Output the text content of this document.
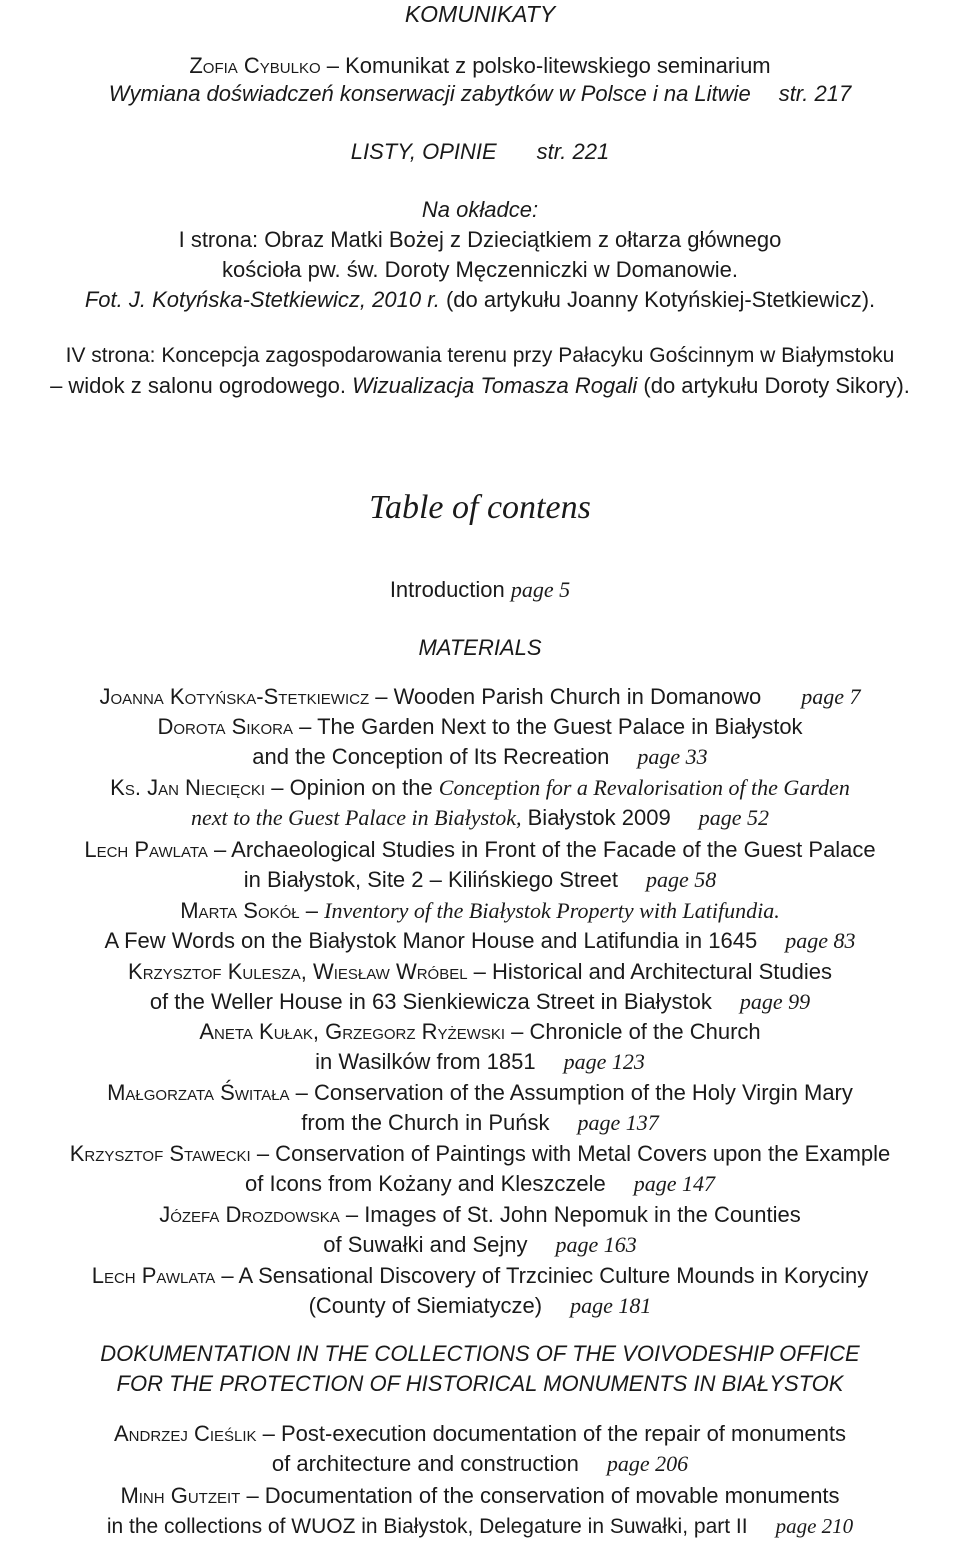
KOMUNIKATY
Zofia Cybulko – Komunikat z polsko-litewskiego seminarium
Wymiana doświadczeń konserwacji zabytków w Polsce i na Litwie str. 217
LISTY, OPINIE str. 221
Na okładce:
I strona: Obraz Matki Bożej z Dzieciątkiem z ołtarza głównego
kościoła pw. św. Doroty Męczenniczki w Domanowie.
Fot. J. Kotyńska-Stetkiewicz, 2010 r. (do artykułu Joanny Kotyńskiej-Stetkiewicz).
IV strona: Koncepcja zagospodarowania terenu przy Pałacyku Gościnnym w Białymstoku
– widok z salonu ogrodowego. Wizualizacja Tomasza Rogali (do artykułu Doroty Sikory).
Table of contens
Introduction page 5
MATERIALS
Joanna Kotyńska-Stetkiewicz – Wooden Parish Church in Domanowo page 7
Dorota Sikora – The Garden Next to the Guest Palace in Białystok
and the Conception of Its Recreation page 33
Ks. Jan Niecięcki – Opinion on the Conception for a Revalorisation of the Garden
next to the Guest Palace in Białystok, Białystok 2009 page 52
Lech Pawlata – Archaeological Studies in Front of the Facade of the Guest Palace
in Białystok, Site 2 – Kilińskiego Street page 58
Marta Sokół – Inventory of the Białystok Property with Latifundia.
A Few Words on the Białystok Manor House and Latifundia in 1645 page 83
Krzysztof Kulesza, Wiesław Wróbel – Historical and Architectural Studies
of the Weller House in 63 Sienkiewicza Street in Białystok page 99
Aneta Kułak, Grzegorz Ryżewski – Chronicle of the Church
in Wasilków from 1851 page 123
Małgorzata Świtała – Conservation of the Assumption of the Holy Virgin Mary
from the Church in Puńsk page 137
Krzysztof Stawecki – Conservation of Paintings with Metal Covers upon the Example
of Icons from Kożany and Kleszczele page 147
Józefa Drozdowska – Images of St. John Nepomuk in the Counties
of Suwałki and Sejny page 163
Lech Pawlata – A Sensational Discovery of Trzciniec Culture Mounds in Koryciny
(County of Siemiatycze) page 181
DOKUMENTATION IN THE COLLECTIONS OF THE VOIVODESHIP OFFICE
FOR THE PROTECTION OF HISTORICAL MONUMENTS IN BIAŁYSTOK
Andrzej Cieślik – Post-execution documentation of the repair of monuments
of architecture and construction page 206
Minh Gutzeit – Documentation of the conservation of movable monuments
in the collections of WUOZ in Białystok, Delegature in Suwałki, part II page 210
